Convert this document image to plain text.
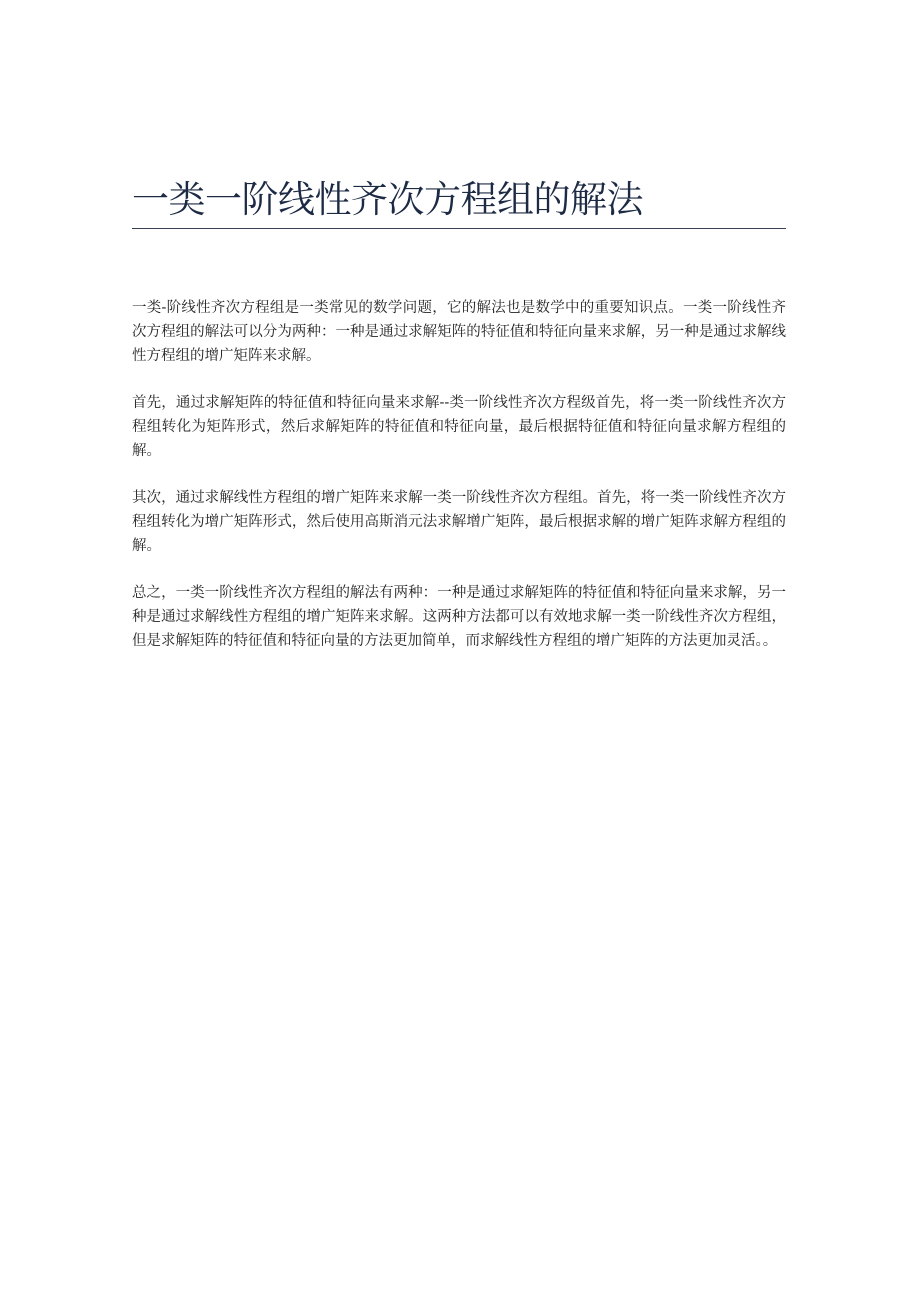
一类一阶线性齐次方程组的解法

一类-阶线性齐次方程组是一类常见的数学问题，它的解法也是数学中的重要知识点。一类一阶线性齐次方程组的解法可以分为两种：一种是通过求解矩阵的特征值和特征向量来求解，另一种是通过求解线性方程组的增广矩阵来求解。

首先，通过求解矩阵的特征值和特征向量来求解--类一阶线性齐次方程级首先，将一类一阶线性齐次方程组转化为矩阵形式，然后求解矩阵的特征值和特征向量，最后根据特征值和特征向量求解方程组的解。

其次，通过求解线性方程组的增广矩阵来求解一类一阶线性齐次方程组。首先，将一类一阶线性齐次方程组转化为增广矩阵形式，然后使用高斯消元法求解增广矩阵，最后根据求解的增广矩阵求解方程组的解。

总之，一类一阶线性齐次方程组的解法有两种：一种是通过求解矩阵的特征值和特征向量来求解，另一种是通过求解线性方程组的增广矩阵来求解。这两种方法都可以有效地求解一类一阶线性齐次方程组，但是求解矩阵的特征值和特征向量的方法更加简单，而求解线性方程组的增广矩阵的方法更加灵活。。
